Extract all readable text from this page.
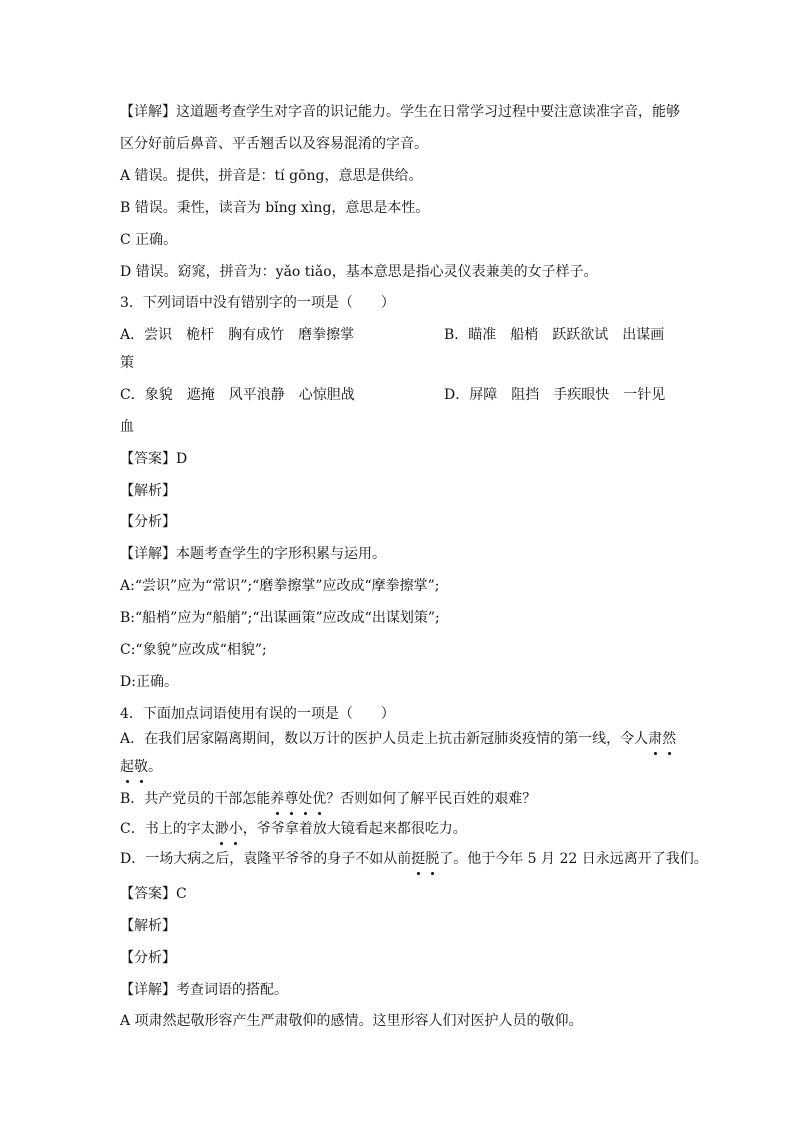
【详解】这道题考查学生对字音的识记能力。学生在日常学习过程中要注意读准字音，能够
区分好前后鼻音、平舌翘舌以及容易混淆的字音。
A 错误。提供，拼音是：tí gōng，意思是供给。
B 错误。秉性，读音为 bǐng xìng，意思是本性。
C 正确。
D 错误。窈窕，拼音为：yǎo tiǎo，基本意思是指心灵仪表兼美的女子样子。
3．下列词语中没有错别字的一项是（　　）
A．尝识　桅杆　胸有成竹　磨拳擦掌	B．瞄准　船梢　跃跃欲试　出谋画
策
C．象貌　遮掩　风平浪静　心惊胆战	D．屏障　阻挡　手疾眼快　一针见
血
【答案】D
【解析】
【分析】
【详解】本题考查学生的字形积累与运用。
A:“尝识”应为“常识”;“磨拳擦掌”应改成“摩拳擦掌”;
B:“船梢”应为“船艄”;“出谋画策”应改成“出谋划策”;
C:“象貌”应改成“相貌”;
D:正确。
4．下面加点词语使用有误的一项是（　　）
A．在我们居家隔离期间，数以万计的医护人员走上抗击新冠肺炎疫情的第一线，令人肃然
起敬。
B．共产党员的干部怎能养尊处优？否则如何了解平民百姓的艰难？
C．书上的字太渺小，爷爷拿着放大镜看起来都很吃力。
D．一场大病之后，袁隆平爷爷的身子不如从前挺脱了。他于今年 5 月 22 日永远离开了我们。
【答案】C
【解析】
【分析】
【详解】考查词语的搭配。
A 项肃然起敬形容产生严肃敬仰的感情。这里形容人们对医护人员的敬仰。
